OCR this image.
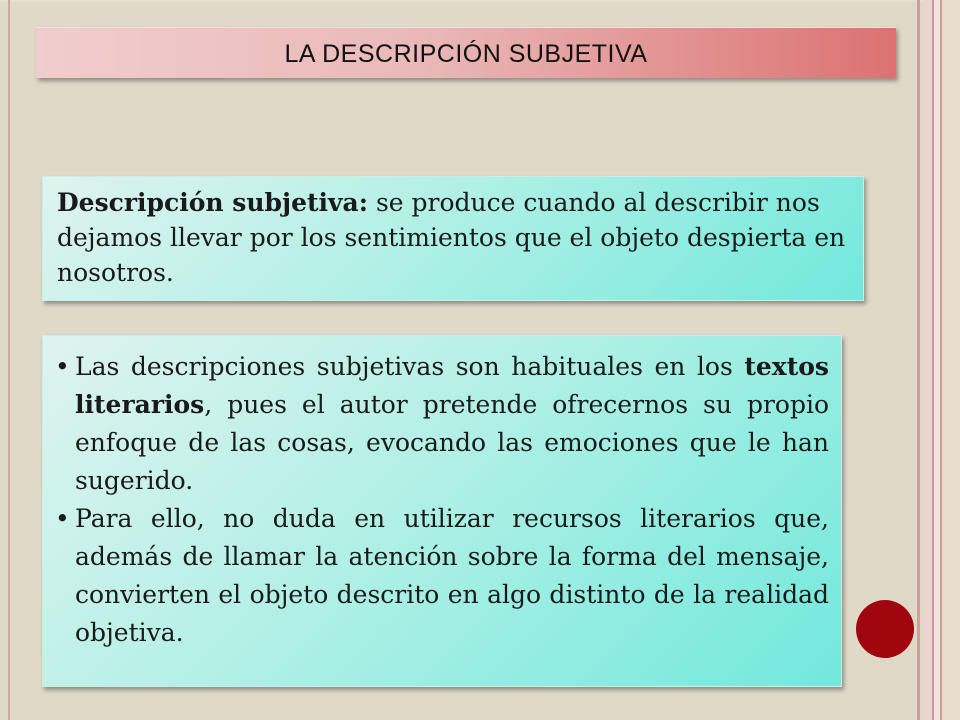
LA DESCRIPCIÓN SUBJETIVA

Descripción subjetiva: se produce cuando al describir nos dejamos llevar por los sentimientos que el objeto despierta en nosotros.

• Las descripciones subjetivas son habituales en los textos literarios, pues el autor pretende ofrecernos su propio enfoque de las cosas, evocando las emociones que le han sugerido.
• Para ello, no duda en utilizar recursos literarios que, además de llamar la atención sobre la forma del mensaje, convierten el objeto descrito en algo distinto de la realidad objetiva.
